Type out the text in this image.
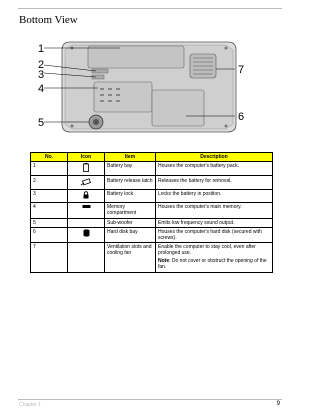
Bottom View
1
2
3
4
5	6
7
No.	Icon	Item	Description
1		Battery bay	Houses the computer's battery pack.
2		Battery release latch	Releases the battery for removal.
3		Battery lock	Locks the battery in position.
4		Memory compartment	Houses the computer's main memory.
5		Sub-woofer	Emits low frequency sound output.
6		Hard disk bay	Houses the computer's hard disk (secured with screws).
7		Ventilation slots and cooling fan	Enable the computer to stay cool, even after prolonged use.

Note: Do not cover or obstruct the opening of the fan.

Chapter 1	9
